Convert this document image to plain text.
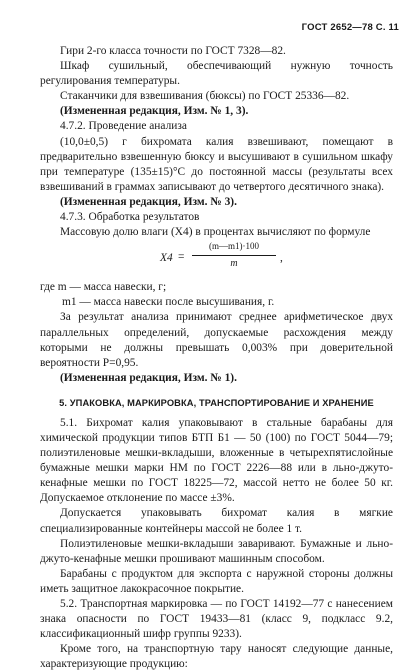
ГОСТ 2652—78 С. 11

Гири 2-го класса точности по ГОСТ 7328—82.

Шкаф сушильный, обеспечивающий нужную точность регулирования температуры.

Стаканчики для взвешивания (бюксы) по ГОСТ 25336—82.

(Измененная редакция, Изм. № 1, 3).

4.7.2. Проведение анализа

(10,0±0,5) г бихромата калия взвешивают, помещают в предварительно взвешенную бюксу и высушивают в сушильном шкафу при температуре (135±15)°С до постоянной массы (результаты всех взвешиваний в граммах записывают до четвертого десятичного знака).

(Измененная редакция, Изм. № 3).

4.7.3. Обработка результатов

Массовую долю влаги (X4) в процентах вычисляют по формуле

X4 =
(m—m1)·100
m	,
где m — масса навески, г;
m1 — масса навески после высушивания, г.

За результат анализа принимают среднее арифметическое двух параллельных определений, допускаемые расхождения между которыми не должны превышать 0,003% при доверительной вероятности P=0,95.

(Измененная редакция, Изм. № 1).

5. УПАКОВКА, МАРКИРОВКА, ТРАНСПОРТИРОВАНИЕ И ХРАНЕНИЕ

5.1. Бихромат калия упаковывают в стальные барабаны для химической продукции типов БТП Б1 — 50 (100) по ГОСТ 5044—79; полиэтиленовые мешки-вкладыши, вложенные в четырехпятислойные бумажные мешки марки НМ по ГОСТ 2226—88 или в льно-джуто-кенафные мешки по ГОСТ 18225—72, массой нетто не более 50 кг. Допускаемое отклонение по массе ±3%.

Допускается упаковывать бихромат калия в мягкие специализированные контейнеры массой не более 1 т.

Полиэтиленовые мешки-вкладыши заваривают. Бумажные и льно-джуто-кенафные мешки прошивают машинным способом.

Барабаны с продуктом для экспорта с наружной стороны должны иметь защитное лакокрасочное покрытие.

5.2. Транспортная маркировка — по ГОСТ 14192—77 с нанесением знака опасности по ГОСТ 19433—81 (класс 9, подкласс 9.2, классификационный шифр группы 9233).

Кроме того, на транспортную тару наносят следующие данные, характеризующие продукцию:
